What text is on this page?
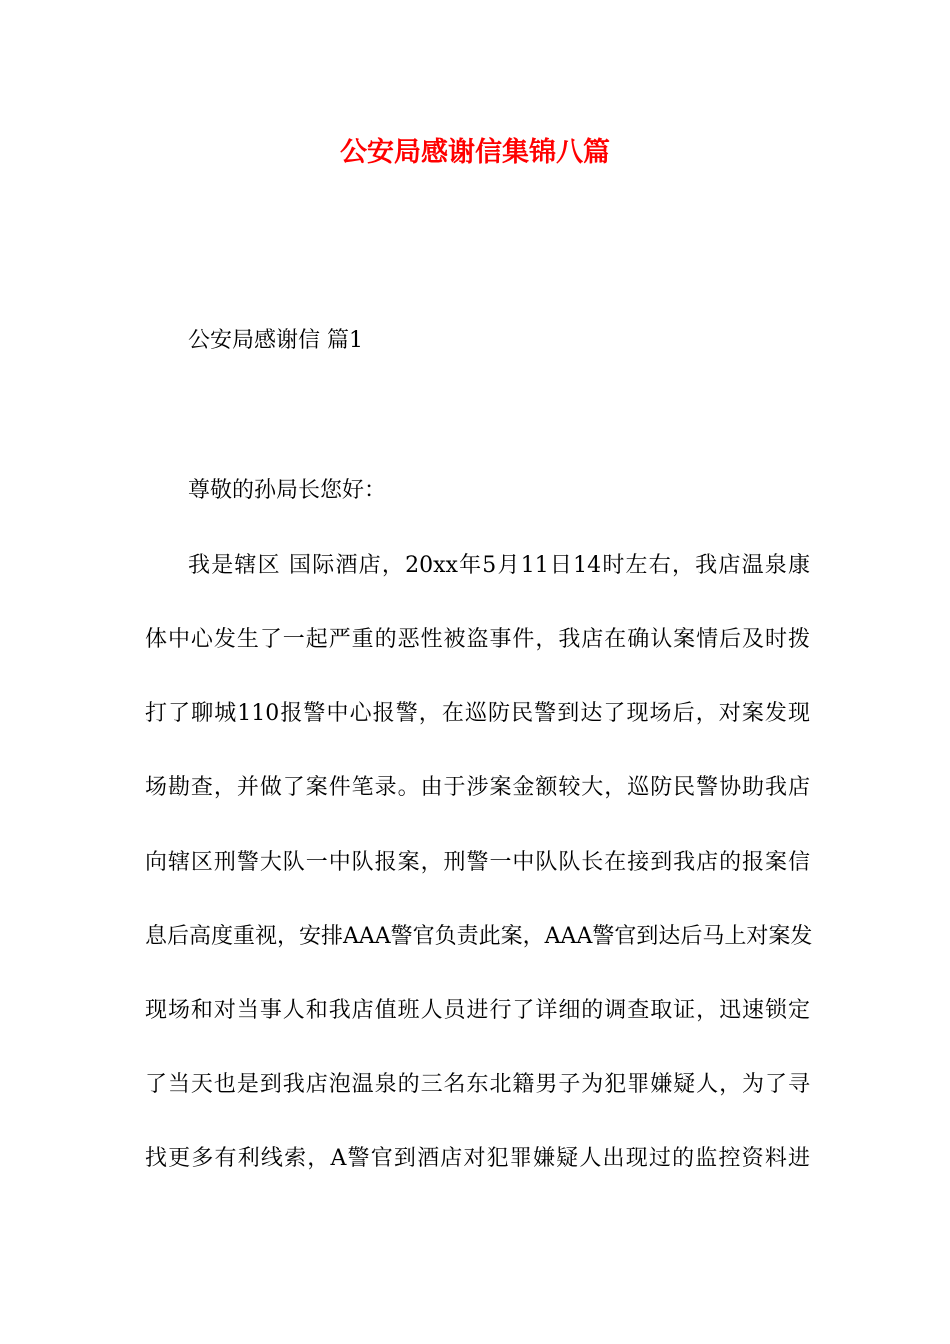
公安局感谢信集锦八篇
公安局感谢信 篇1
尊敬的孙局长您好：
我是辖区 国际酒店，20xx年5月11日14时左右，我店温泉康
体中心发生了一起严重的恶性被盗事件，我店在确认案情后及时拨
打了聊城110报警中心报警，在巡防民警到达了现场后，对案发现
场勘查，并做了案件笔录。由于涉案金额较大，巡防民警协助我店
向辖区刑警大队一中队报案，刑警一中队队长在接到我店的报案信
息后高度重视，安排AAA警官负责此案，AAA警官到达后马上对案发
现场和对当事人和我店值班人员进行了详细的调查取证，迅速锁定
了当天也是到我店泡温泉的三名东北籍男子为犯罪嫌疑人，为了寻
找更多有利线索，A警官到酒店对犯罪嫌疑人出现过的监控资料进
